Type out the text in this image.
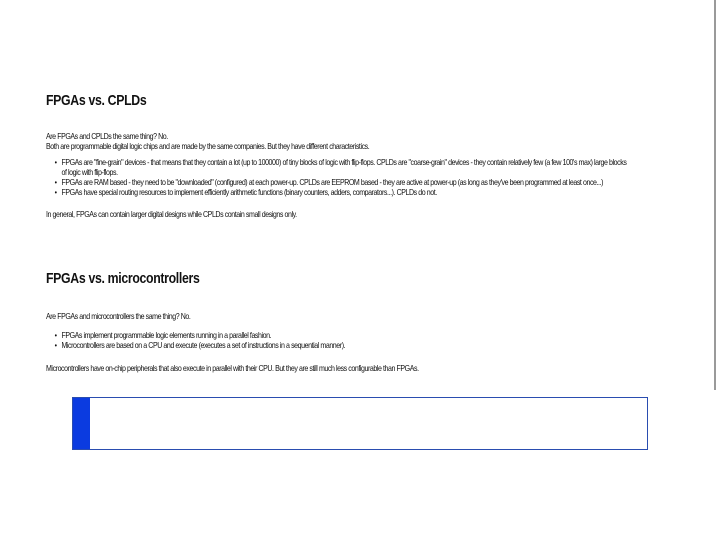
FPGAs vs. CPLDs
Are FPGAs and CPLDs the same thing? No.
Both are programmable digital logic chips and are made by the same companies. But they have different characteristics.
• FPGAs are "fine-grain" devices - that means that they contain a lot (up to 100000) of tiny blocks of logic with flip-flops. CPLDs are "coarse-grain" devices - they contain relatively few (a few 100's max) large blocks
of logic with flip-flops.
• FPGAs are RAM based - they need to be "downloaded" (configured) at each power-up. CPLDs are EEPROM based - they are active at power-up (as long as they've been programmed at least once...)
• FPGAs have special routing resources to implement efficiently arithmetic functions (binary counters, adders, comparators...). CPLDs do not.
In general, FPGAs can contain larger digital designs while CPLDs contain small designs only.
FPGAs vs. microcontrollers
Are FPGAs and microcontrollers the same thing? No.
• FPGAs implement programmable logic elements running in a parallel fashion.
• Microcontrollers are based on a CPU and execute (executes a set of instructions in a sequential manner).
Microcontrollers have on-chip peripherals that also execute in parallel with their CPU. But they are still much less configurable than FPGAs.
